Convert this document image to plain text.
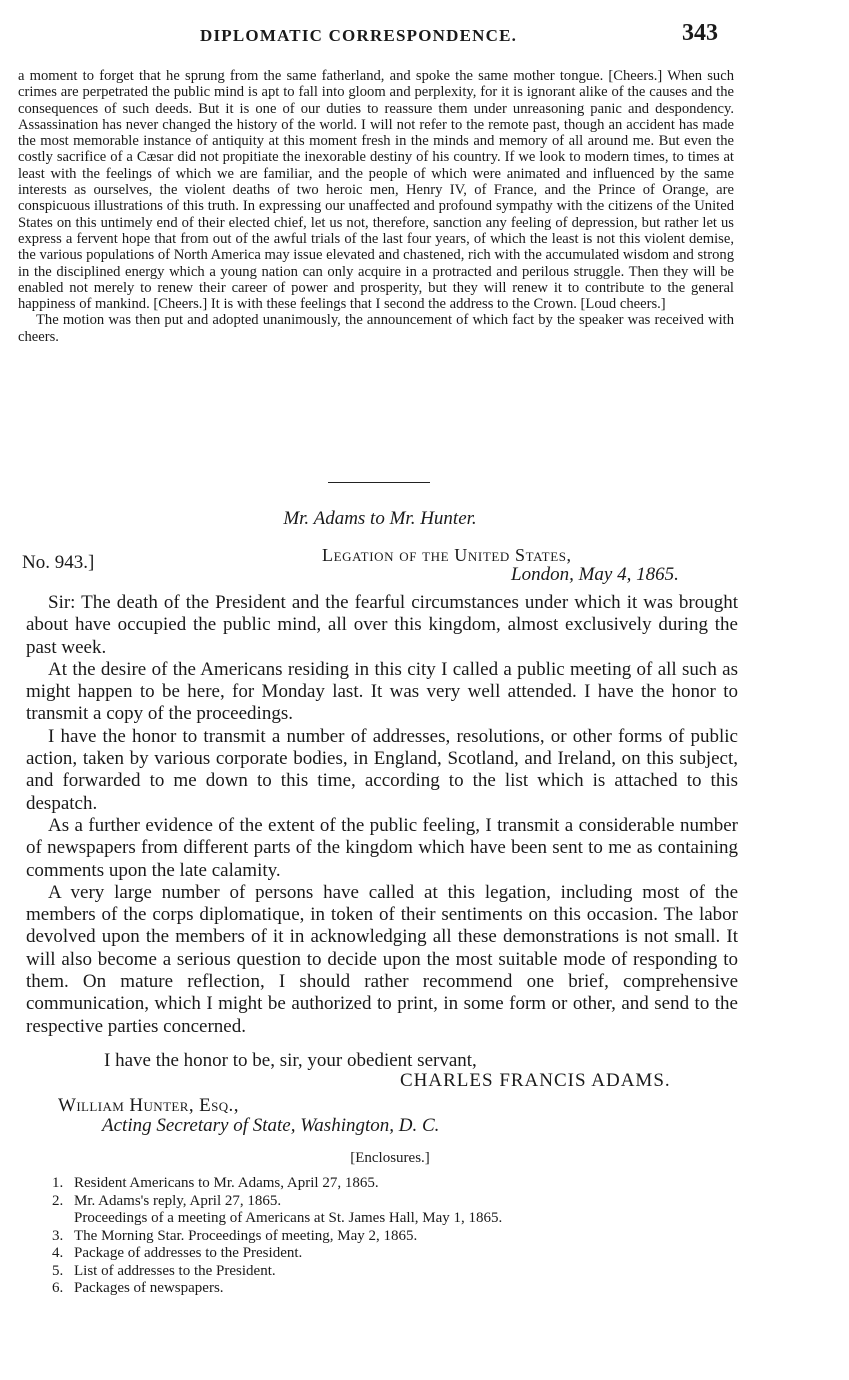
DIPLOMATIC CORRESPONDENCE.	343

a moment to forget that he sprung from the same fatherland, and spoke the same mother tongue. [Cheers.] When such crimes are perpetrated the public mind is apt to fall into gloom and perplexity, for it is ignorant alike of the causes and the consequences of such deeds. But it is one of our duties to reassure them under unreasoning panic and despondency. Assassination has never changed the history of the world. I will not refer to the remote past, though an accident has made the most memorable instance of antiquity at this moment fresh in the minds and memory of all around me. But even the costly sacrifice of a Cæsar did not propitiate the inexorable destiny of his country. If we look to modern times, to times at least with the feelings of which we are familiar, and the people of which were animated and influenced by the same interests as ourselves, the violent deaths of two heroic men, Henry IV, of France, and the Prince of Orange, are conspicuous illustrations of this truth. In expressing our unaffected and profound sympathy with the citizens of the United States on this untimely end of their elected chief, let us not, therefore, sanction any feeling of depression, but rather let us express a fervent hope that from out of the awful trials of the last four years, of which the least is not this violent demise, the various populations of North America may issue elevated and chastened, rich with the accumulated wisdom and strong in the disciplined energy which a young nation can only acquire in a protracted and perilous struggle. Then they will be enabled not merely to renew their career of power and prosperity, but they will renew it to contribute to the general happiness of mankind. [Cheers.] It is with these feelings that I second the address to the Crown. [Loud cheers.]

The motion was then put and adopted unanimously, the announcement of which fact by the speaker was received with cheers.

Mr. Adams to Mr. Hunter.
No. 943.]	Legation of the United States,
London, May 4, 1865.

Sir: The death of the President and the fearful circumstances under which it was brought about have occupied the public mind, all over this kingdom, almost exclusively during the past week.

At the desire of the Americans residing in this city I called a public meeting of all such as might happen to be here, for Monday last. It was very well attended. I have the honor to transmit a copy of the proceedings.

I have the honor to transmit a number of addresses, resolutions, or other forms of public action, taken by various corporate bodies, in England, Scotland, and Ireland, on this subject, and forwarded to me down to this time, according to the list which is attached to this despatch.

As a further evidence of the extent of the public feeling, I transmit a considerable number of newspapers from different parts of the kingdom which have been sent to me as containing comments upon the late calamity.

A very large number of persons have called at this legation, including most of the members of the corps diplomatique, in token of their sentiments on this occasion. The labor devolved upon the members of it in acknowledging all these demonstrations is not small. It will also become a serious question to decide upon the most suitable mode of responding to them. On mature reflection, I should rather recommend one brief, comprehensive communication, which I might be authorized to print, in some form or other, and send to the respective parties concerned.

I have the honor to be, sir, your obedient servant,
CHARLES FRANCIS ADAMS.
William Hunter, Esq.,
Acting Secretary of State, Washington, D. C.
[Enclosures.]
1. Resident Americans to Mr. Adams, April 27, 1865.
2. Mr. Adams's reply, April 27, 1865.
Proceedings of a meeting of Americans at St. James Hall, May 1, 1865.
3. The Morning Star. Proceedings of meeting, May 2, 1865.
4. Package of addresses to the President.
5. List of addresses to the President.
6. Packages of newspapers.
